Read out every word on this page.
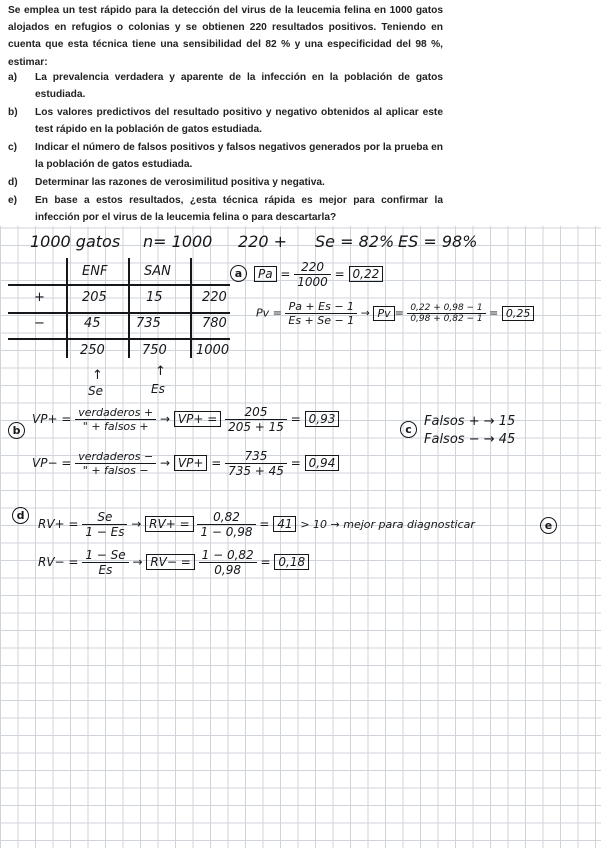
Se emplea un test rápido para la detección del virus de la leucemia felina en 1000 gatos alojados en refugios o colonias y se obtienen 220 resultados positivos. Teniendo en cuenta que esta técnica tiene una sensibilidad del 82 % y una especificidad del 98 %, estimar:
a) La prevalencia verdadera y aparente de la infección en la población de gatos estudiada.
b) Los valores predictivos del resultado positivo y negativo obtenidos al aplicar este test rápido en la población de gatos estudiada.
c) Indicar el número de falsos positivos y falsos negativos generados por la prueba en la población de gatos estudiada.
d) Determinar las razones de verosimilitud positiva y negativa.
e) En base a estos resultados, ¿esta técnica rápida es mejor para confirmar la infección por el virus de la leucemia felina o para descartarla?
1000 gatos n= 1000 220 + Se = 82% ES = 98%
ENF	SAN
+	205	15	220
−	45	735	780
250	750 1000
↑
Se
↑
Es
a	$Pa = \frac{220}{1000} = 0,22$
$Pv = \frac{Pa + Es - 1}{Es + Se - 1} \to Pv = \frac{0,22 + 0,98 - 1}{0,98 + 0,82 - 1} = 0,25$
b
$VP+ = \frac{\text{verdaderos +}}{\text{" + falsos +}} \to VP+ = \frac{205}{205 + 15} = 0,93$
$VP- = \frac{\text{verdaderos −}}{\text{" + falsos −}} \to VP+ = \frac{735}{735 + 45} = 0,94$
c
Falsos + → 15
Falsos − → 45
d
$RV+ = \frac{Se}{1 - Es} \to RV+ = \frac{0,82}{1 - 0,98} = 41 > 10$ → mejor para diagnosticar	e
$RV- = \frac{1 - Se}{Es} \to RV- = \frac{1 - 0,82}{0,98} = 0,18$
